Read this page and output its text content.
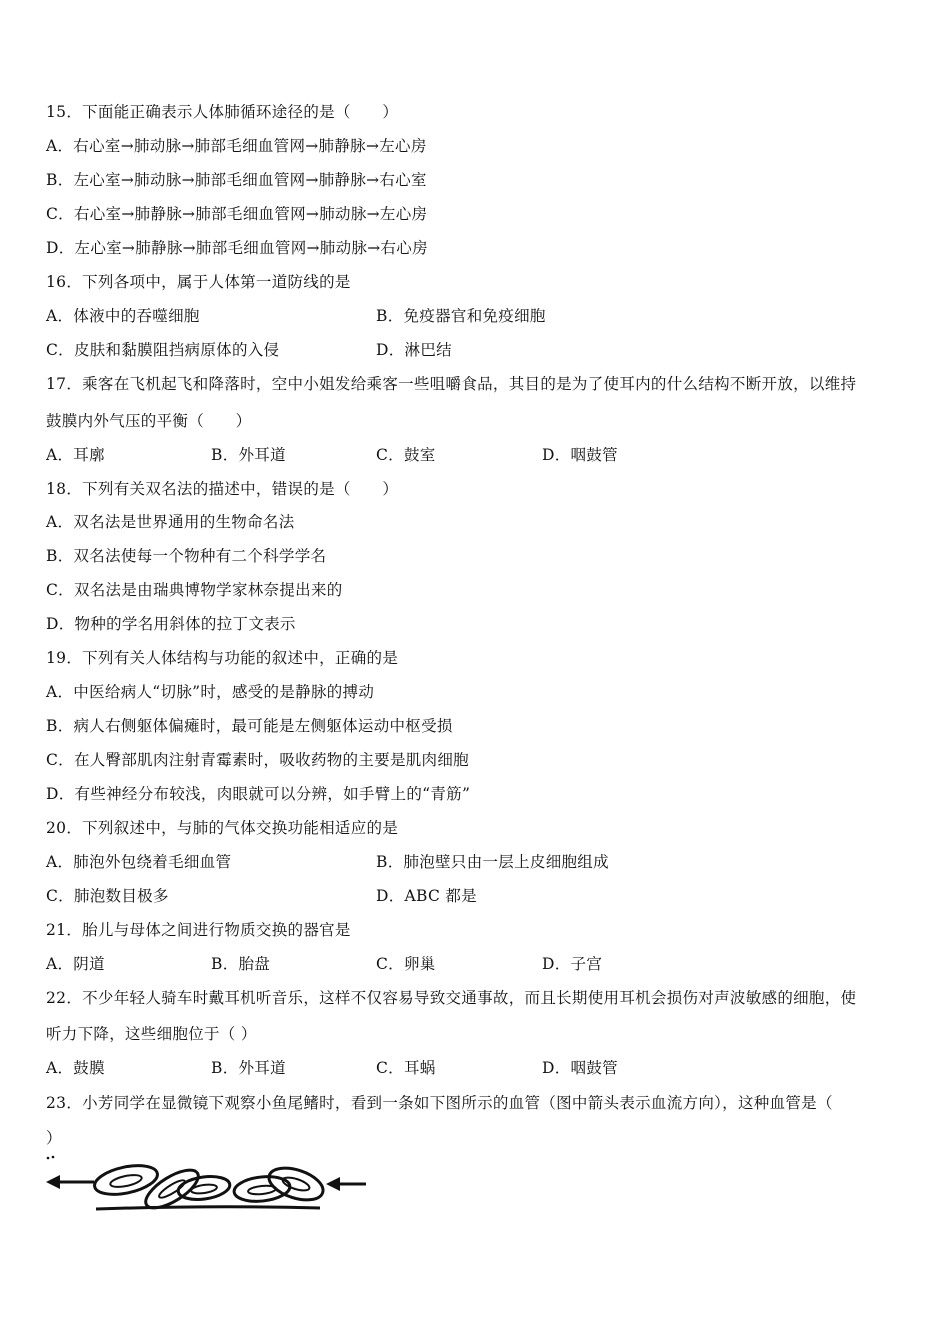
15．下面能正确表示人体肺循环途径的是（　　）
A．右心室→肺动脉→肺部毛细血管网→肺静脉→左心房
B．左心室→肺动脉→肺部毛细血管网→肺静脉→右心室
C．右心室→肺静脉→肺部毛细血管网→肺动脉→左心房
D．左心室→肺静脉→肺部毛细血管网→肺动脉→右心房
16．下列各项中，属于人体第一道防线的是
A．体液中的吞噬细胞	B．免疫器官和免疫细胞
C．皮肤和黏膜阻挡病原体的入侵	D．淋巴结
17．乘客在飞机起飞和降落时，空中小姐发给乘客一些咀嚼食品，其目的是为了使耳内的什么结构不断开放，以维持
鼓膜内外气压的平衡（　　）
A．耳廓	B．外耳道	C．鼓室	D．咽鼓管
18．下列有关双名法的描述中，错误的是（　　）
A．双名法是世界通用的生物命名法
B．双名法使每一个物种有二个科学学名
C．双名法是由瑞典博物学家林奈提出来的
D．物种的学名用斜体的拉丁文表示
19．下列有关人体结构与功能的叙述中，正确的是
A．中医给病人“切脉”时，感受的是静脉的搏动
B．病人右侧躯体偏瘫时，最可能是左侧躯体运动中枢受损
C．在人臀部肌肉注射青霉素时，吸收药物的主要是肌肉细胞
D．有些神经分布较浅，肉眼就可以分辨，如手臂上的“青筋”
20．下列叙述中，与肺的气体交换功能相适应的是
A．肺泡外包绕着毛细血管	B．肺泡壁只由一层上皮细胞组成
C．肺泡数目极多	D．ABC 都是
21．胎儿与母体之间进行物质交换的器官是
A．阴道	B．胎盘	C．卵巢	D．子宫
22．不少年轻人骑车时戴耳机听音乐，这样不仅容易导致交通事故，而且长期使用耳机会损伤对声波敏感的细胞，使
听力下降，这些细胞位于（ ）
A．鼓膜	B．外耳道	C．耳蜗	D．咽鼓管
23．小芳同学在显微镜下观察小鱼尾鳍时，看到一条如下图所示的血管（图中箭头表示血流方向），这种血管是（
）
